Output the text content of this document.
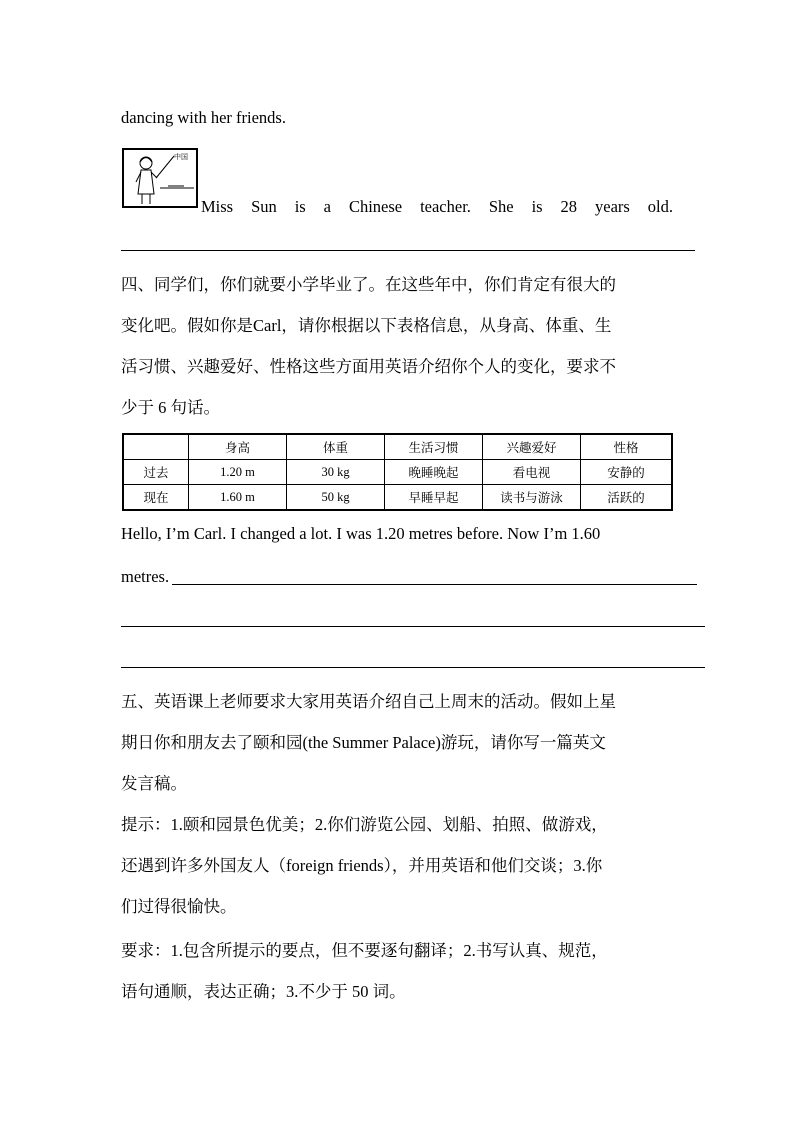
dancing with her friends.
中国
Miss Sun is a Chinese teacher. She is 28 years old.
四、同学们，你们就要小学毕业了。在这些年中，你们肯定有很大的
变化吧。假如你是Carl，请你根据以下表格信息，从身高、体重、生
活习惯、兴趣爱好、性格这些方面用英语介绍你个人的变化，要求不
少于 6 句话。
	身高	体重	生活习惯	兴趣爱好	性格
过去	1.20 m	30 kg	晚睡晚起	看电视	安静的
现在	1.60 m	50 kg	早睡早起	读书与游泳	活跃的
Hello, I’m Carl. I changed a lot. I was 1.20 metres before. Now I’m 1.60
metres.
五、英语课上老师要求大家用英语介绍自己上周末的活动。假如上星
期日你和朋友去了颐和园(the Summer Palace)游玩，请你写一篇英文
发言稿。
提示：1.颐和园景色优美；2.你们游览公园、划船、拍照、做游戏，
还遇到许多外国友人（foreign friends），并用英语和他们交谈；3.你
们过得很愉快。
要求：1.包含所提示的要点，但不要逐句翻译；2.书写认真、规范，
语句通顺，表达正确；3.不少于 50 词。
